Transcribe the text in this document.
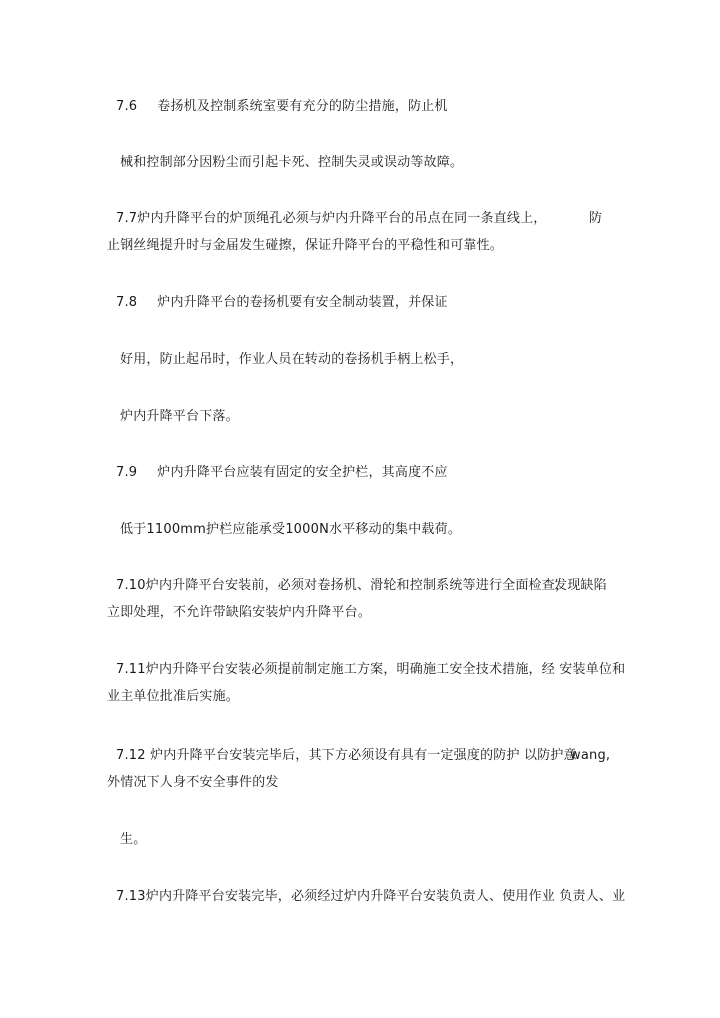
7.6 卷扬机及控制系统室要有充分的防尘措施，防止机
械和控制部分因粉尘而引起卡死、控制失灵或误动等故障。
7.7炉内升降平台的炉顶绳孔必须与炉内升降平台的吊点在同一条直线上，	防
止钢丝绳提升时与金届发生碰擦，保证升降平台的平稳性和可靠性。
7.8 炉内升降平台的卷扬机要有安全制动装置，并保证
好用，防止起吊时，作业人员在转动的卷扬机手柄上松手，
炉内升降平台下落。
7.9 炉内升降平台应装有固定的安全护栏，其高度不应
低于1100mm护栏应能承受1000N水平移动的集中载荷。
7.10炉内升降平台安装前，必须对卷扬机、滑轮和控制系统等进行全面检查，
发现缺陷
立即处理，不允许带缺陷安装炉内升降平台。
7.11炉内升降平台安装必须提前制定施工方案，明确施工安全技术措施，经 安装单位和
业主单位批准后实施。
7.12 炉内升降平台安装完毕后，其下方必须设有具有一定强度的防护 以防护意
wang,
外情况下人身不安全事件的发
生。
7.13炉内升降平台安装完毕，必须经过炉内升降平台安装负责人、使用作业 负责人、业
